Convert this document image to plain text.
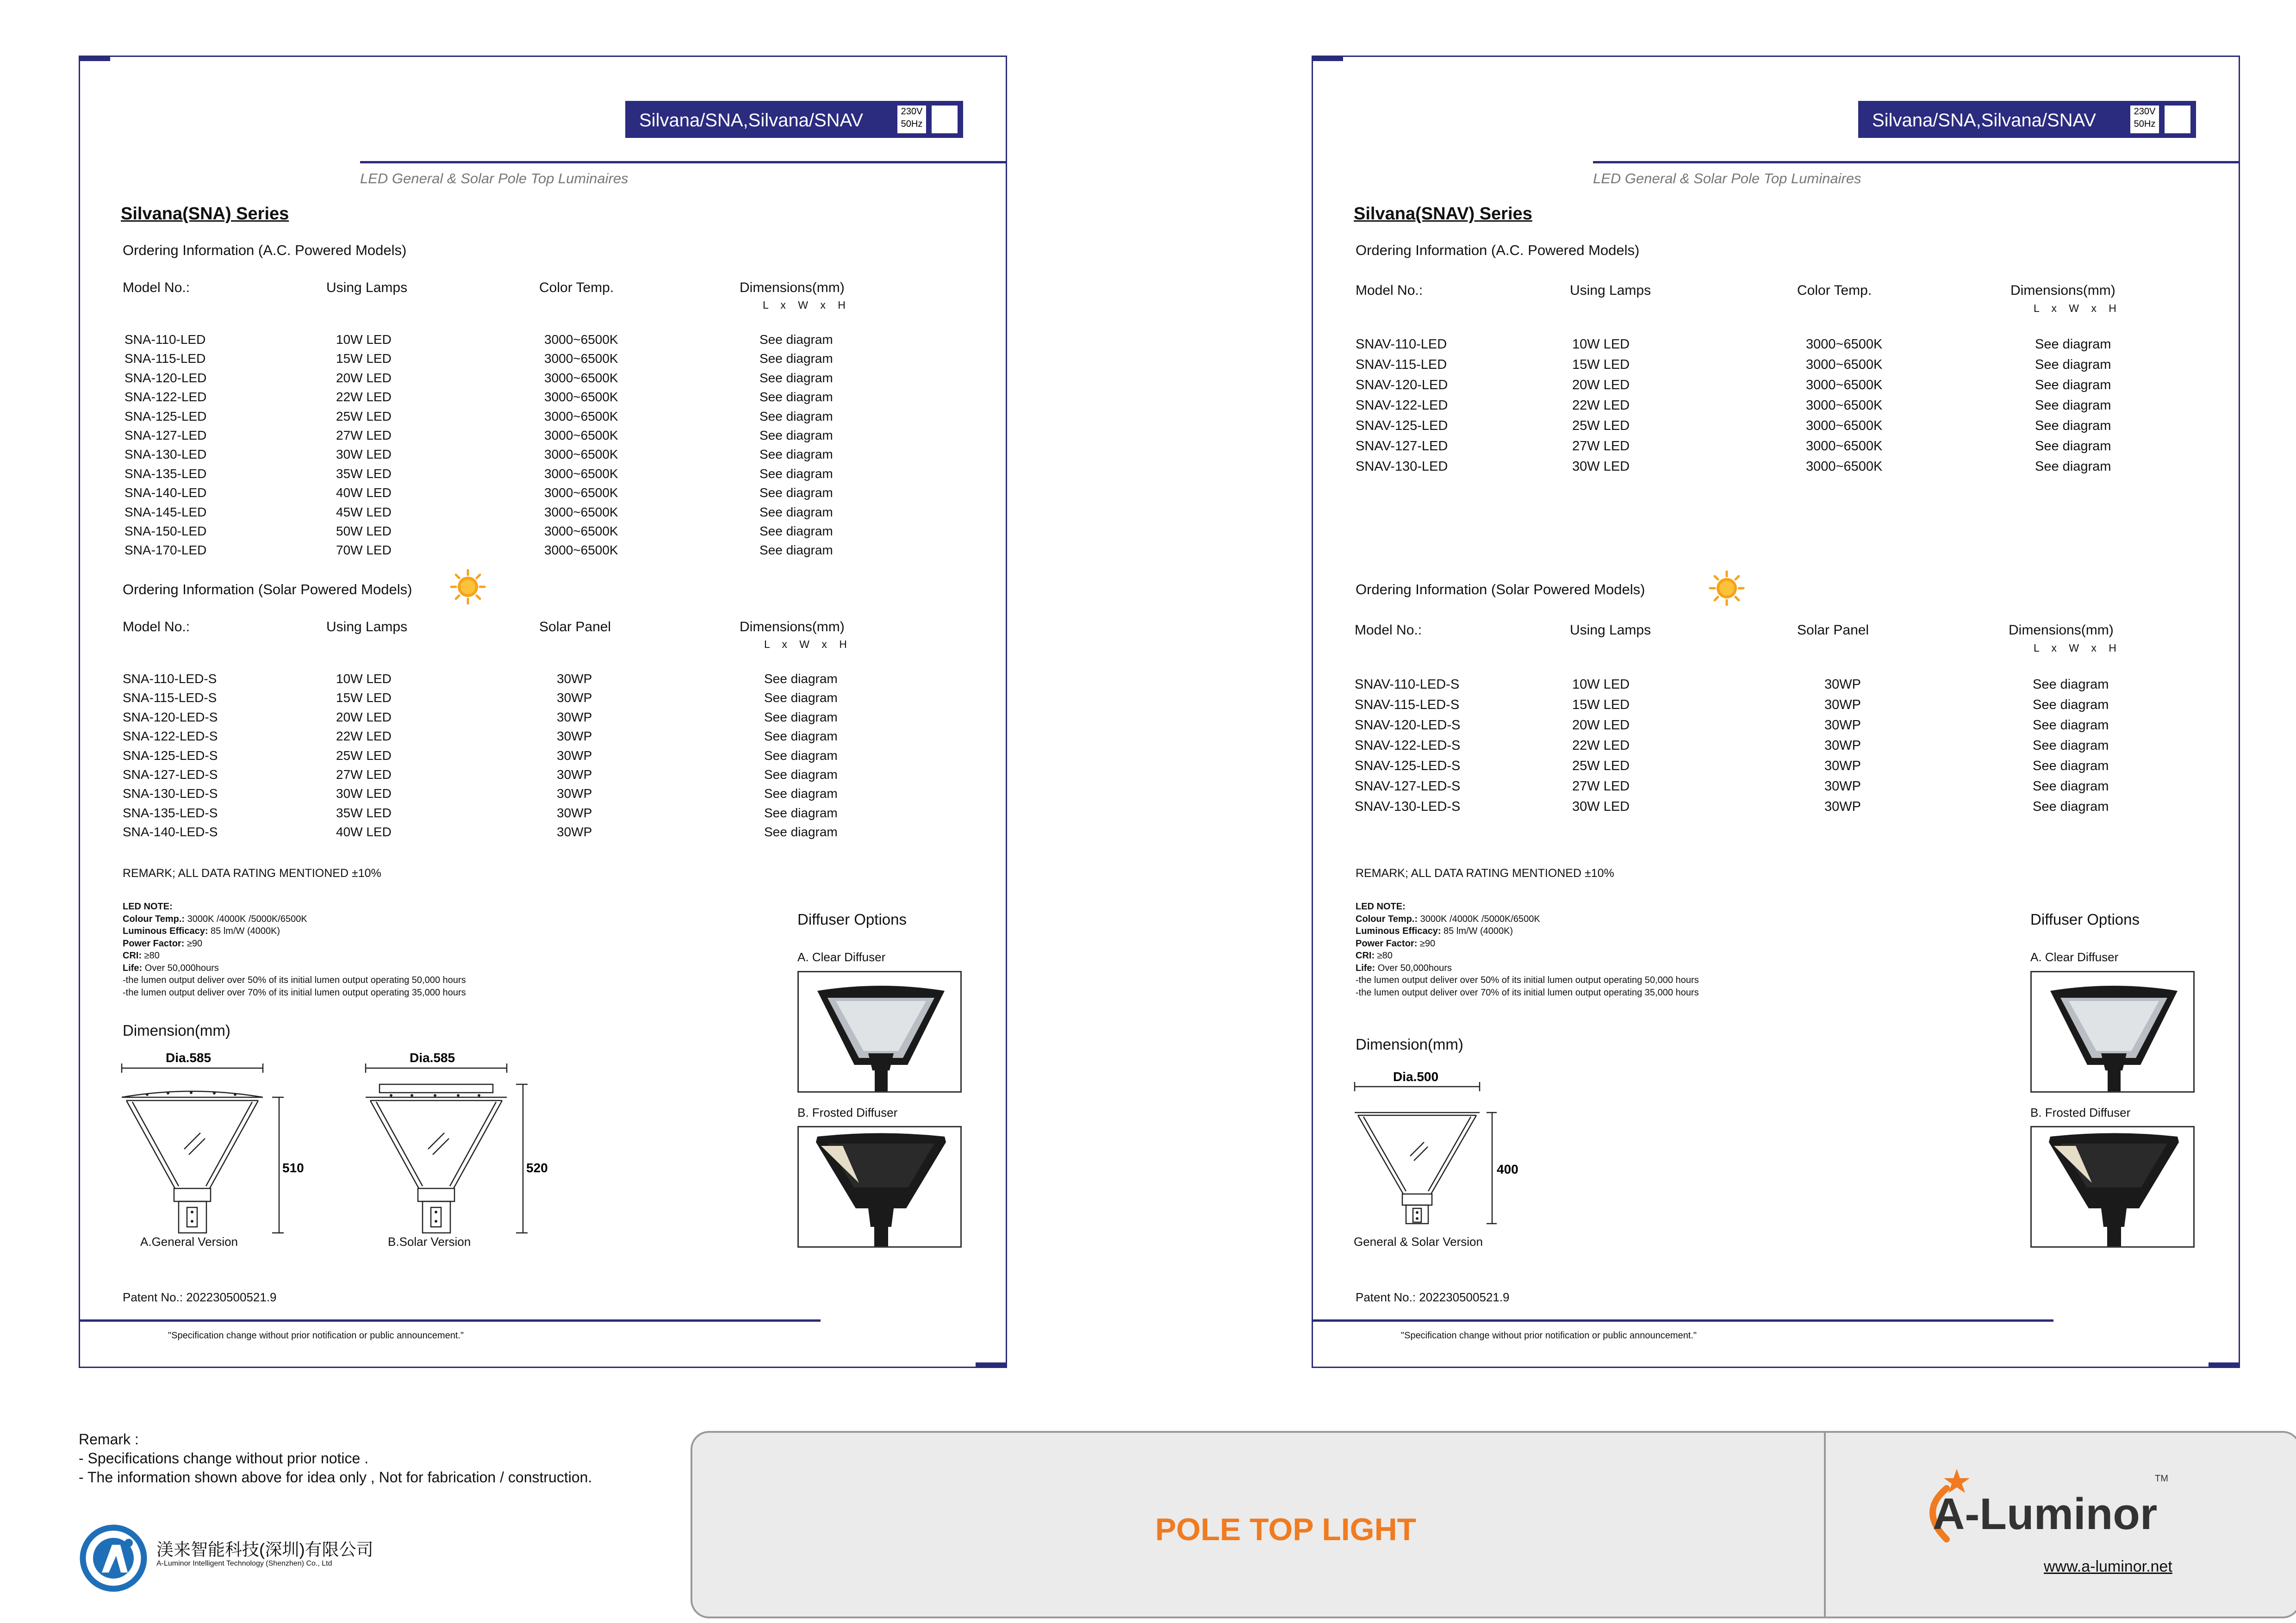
Silvana/SNA,Silvana/SNAV	230V
50Hz
LED General & Solar Pole Top Luminaires
Silvana(SNA) Series
Ordering Information (A.C. Powered Models)
Model No.:	Using Lamps	Color Temp.	Dimensions(mm)
L x W x H
SNA-110-LED	10W LED	3000~6500K	See diagram
SNA-115-LED	15W LED	3000~6500K	See diagram
SNA-120-LED	20W LED	3000~6500K	See diagram
SNA-122-LED	22W LED	3000~6500K	See diagram
SNA-125-LED	25W LED	3000~6500K	See diagram
SNA-127-LED	27W LED	3000~6500K	See diagram
SNA-130-LED	30W LED	3000~6500K	See diagram
SNA-135-LED	35W LED	3000~6500K	See diagram
SNA-140-LED	40W LED	3000~6500K	See diagram
SNA-145-LED	45W LED	3000~6500K	See diagram
SNA-150-LED	50W LED	3000~6500K	See diagram
SNA-170-LED	70W LED	3000~6500K	See diagram
Ordering Information (Solar Powered Models)
Model No.:	Using Lamps	Solar Panel	Dimensions(mm)
L x W x H
SNA-110-LED-S	10W LED	30WP	See diagram
SNA-115-LED-S	15W LED	30WP	See diagram
SNA-120-LED-S	20W LED	30WP	See diagram
SNA-122-LED-S	22W LED	30WP	See diagram
SNA-125-LED-S	25W LED	30WP	See diagram
SNA-127-LED-S	27W LED	30WP	See diagram
SNA-130-LED-S	30W LED	30WP	See diagram
SNA-135-LED-S	35W LED	30WP	See diagram
SNA-140-LED-S	40W LED	30WP	See diagram
REMARK; ALL DATA RATING MENTIONED ±10%
LED NOTE:
Colour Temp.: 3000K /4000K /5000K/6500K
Luminous Efficacy: 85 lm/W (4000K)
Power Factor: ≥90
CRI: ≥80
Life: Over 50,000hours
-the lumen output deliver over 50% of its initial lumen output operating 50,000 hours
-the lumen output deliver over 70% of its initial lumen output operating 35,000 hours
Dimension(mm)
Dia.585
510
A.General Version
Dia.585
520
B.Solar Version
Diffuser Options
A. Clear Diffuser
B. Frosted Diffuser
Patent No.: 202230500521.9
"Specification change without prior notification or public announcement."
Silvana/SNA,Silvana/SNAV	230V
50Hz
LED General & Solar Pole Top Luminaires
Silvana(SNAV) Series
Ordering Information (A.C. Powered Models)
Model No.:	Using Lamps	Color Temp.	Dimensions(mm)
L x W x H
SNAV-110-LED	10W LED	3000~6500K	See diagram
SNAV-115-LED	15W LED	3000~6500K	See diagram
SNAV-120-LED	20W LED	3000~6500K	See diagram
SNAV-122-LED	22W LED	3000~6500K	See diagram
SNAV-125-LED	25W LED	3000~6500K	See diagram
SNAV-127-LED	27W LED	3000~6500K	See diagram
SNAV-130-LED	30W LED	3000~6500K	See diagram
Ordering Information (Solar Powered Models)
Model No.:	Using Lamps	Solar Panel	Dimensions(mm)
L x W x H
SNAV-110-LED-S	10W LED	30WP	See diagram
SNAV-115-LED-S	15W LED	30WP	See diagram
SNAV-120-LED-S	20W LED	30WP	See diagram
SNAV-122-LED-S	22W LED	30WP	See diagram
SNAV-125-LED-S	25W LED	30WP	See diagram
SNAV-127-LED-S	27W LED	30WP	See diagram
SNAV-130-LED-S	30W LED	30WP	See diagram
REMARK; ALL DATA RATING MENTIONED ±10%
LED NOTE:
Colour Temp.: 3000K /4000K /5000K/6500K
Luminous Efficacy: 85 lm/W (4000K)
Power Factor: ≥90
CRI: ≥80
Life: Over 50,000hours
-the lumen output deliver over 50% of its initial lumen output operating 50,000 hours
-the lumen output deliver over 70% of its initial lumen output operating 35,000 hours
Dimension(mm)
Dia.500
400
General & Solar Version
Diffuser Options
A. Clear Diffuser
B. Frosted Diffuser
Patent No.: 202230500521.9
"Specification change without prior notification or public announcement."
Remark :
- Specifications change without prior notice .
- The information shown above for idea only , Not for fabrication / construction.
渼来智能科技(深圳)有限公司
A-Luminor Intelligent Technology (Shenzhen) Co., Ltd
POLE TOP LIGHT	A-Luminor
TM
www.a-luminor.net
